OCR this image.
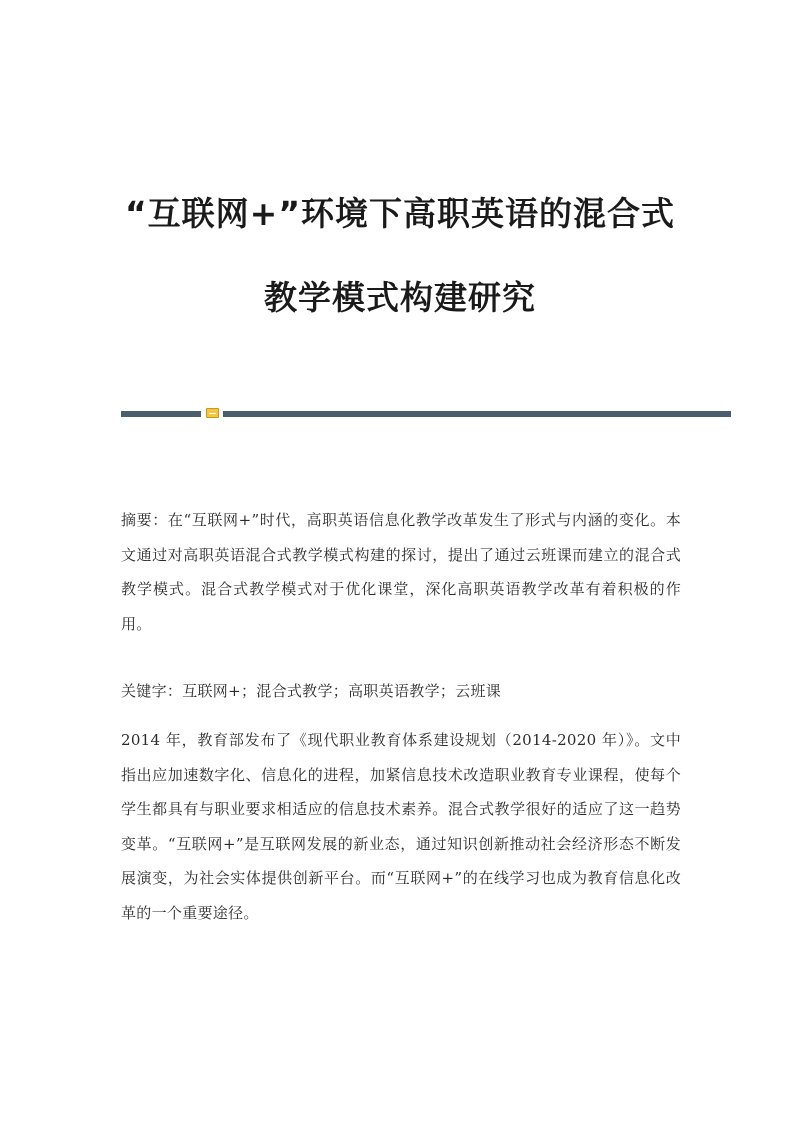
“互联网+”环境下高职英语的混合式
教学模式构建研究

摘要：在“互联网+”时代，高职英语信息化教学改革发生了形式与内涵的变化。本文通过对高职英语混合式教学模式构建的探讨，提出了通过云班课而建立的混合式教学模式。混合式教学模式对于优化课堂，深化高职英语教学改革有着积极的作用。

关键字：互联网+；混合式教学；高职英语教学；云班课

2014 年，教育部发布了《现代职业教育体系建设规划（2014-2020 年）》。文中指出应加速数字化、信息化的进程，加紧信息技术改造职业教育专业课程，使每个学生都具有与职业要求相适应的信息技术素养。混合式教学很好的适应了这一趋势变革。“互联网+”是互联网发展的新业态，通过知识创新推动社会经济形态不断发展演变，为社会实体提供创新平台。而“互联网+”的在线学习也成为教育信息化改革的一个重要途径。
